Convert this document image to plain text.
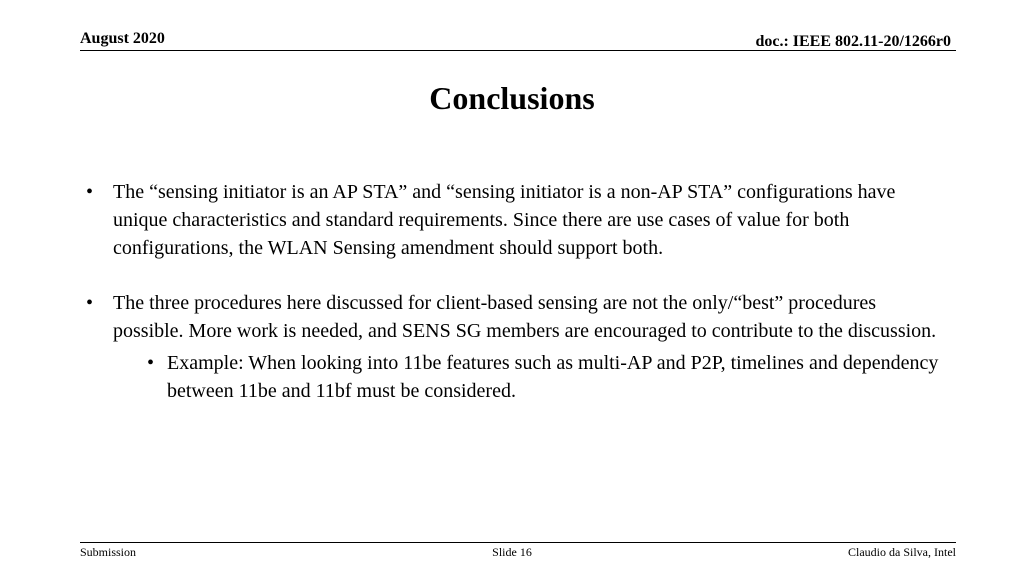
August 2020	doc.: IEEE 802.11-20/1266r0
Conclusions
• The “sensing initiator is an AP STA” and “sensing initiator is a non-AP STA” configurations have unique characteristics and standard requirements. Since there are use cases of value for both configurations, the WLAN Sensing amendment should support both.
• The three procedures here discussed for client-based sensing are not the only/“best” procedures possible. More work is needed, and SENS SG members are encouraged to contribute to the discussion.
• Example: When looking into 11be features such as multi-AP and P2P, timelines and dependency between 11be and 11bf must be considered.
Submission	Slide 16	Claudio da Silva, Intel
